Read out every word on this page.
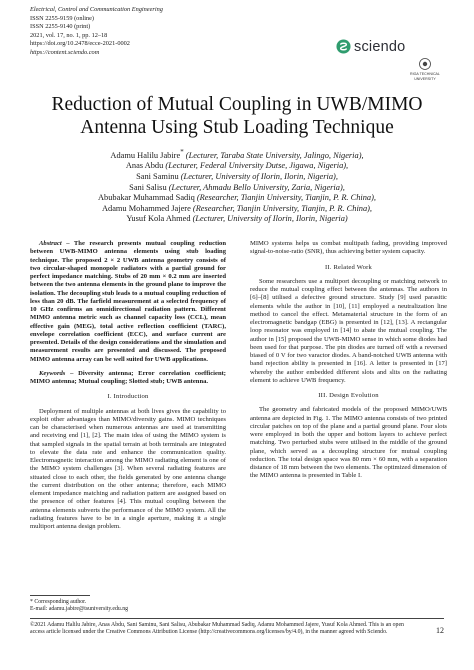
Electrical, Control and Communication Engineering
ISSN 2255-9159 (online)
ISSN 2255-9140 (print)
2021, vol. 17, no. 1, pp. 12–18
https://doi.org/10.2478/ecce-2021-0002
https://content.sciendo.com	sciendo
RIGA TECHNICAL
UNIVERSITY
Reduction of Mutual Coupling in UWB/MIMO
Antenna Using Stub Loading Technique
Adamu Halilu Jabire* (Lecturer, Taraba State University, Jalingo, Nigeria),
Anas Abdu (Lecturer, Federal University Dutse, Jigawa, Nigeria),
Sani Saminu (Lecturer, University of Ilorin, Ilorin, Nigeria),
Sani Salisu (Lecturer, Ahmadu Bello University, Zaria, Nigeria),
Abubakar Muhammad Sadiq (Researcher, Tianjin University, Tianjin, P. R. China),
Adamu Mohammed Jajere (Researcher, Tianjin University, Tianjin, P. R. China),
Yusuf Kola Ahmed (Lecturer, University of Ilorin, Ilorin, Nigeria)

Abstract – The research presents mutual coupling reduction between UWB-MIMO antenna elements using stub loading technique. The proposed 2 × 2 UWB antenna geometry consists of two circular-shaped monopole radiators with a partial ground for perfect impedance matching. Stubs of 20 mm × 0.2 mm are inserted between the two antenna elements in the ground plane to improve the isolation. The decoupling stub leads to a mutual coupling reduction of less than 20 dB. The farfield measurement at a selected frequency of 10 GHz confirms an omnidirectional radiation pattern. Different MIMO antenna metric such as channel capacity loss (CCL), mean effective gain (MEG), total active reflection coefficient (TARC), envelope correlation coefficient (ECC), and surface current are presented. Details of the design considerations and the simulation and measurement results are presented and discussed. The proposed MIMO antenna array can be well suited for UWB applications.

Keywords – Diversity antenna; Error correlation coefficient; MIMO antenna; Mutual coupling; Slotted stub; UWB antenna.

I. Introduction

Deployment of multiple antennas at both lives gives the capability to exploit other advantages than MIMO/diversity gains. MIMO techniques can be characterised when numerous antennas are used at transmitting and receiving end [1], [2]. The main idea of using the MIMO system is that sampled signals in the spatial terrain at both terminals are integrated to elevate the data rate and enhance the communication quality. Electromagnetic interaction among the MIMO radiating element is one of the MIMO system challenges [3]. When several radiating features are situated close to each other, the fields generated by one antenna change the current distribution on the other antenna; therefore, each MIMO element impedance matching and radiation pattern are assigned based on the presence of other features [4]. This mutual coupling between the antenna elements subverts the performance of the MIMO system. All the radiating features have to be in a single aperture, making it a single multiport antenna design problem.

MIMO systems helps us combat multipath fading, providing improved signal-to-noise-ratio (SNR), thus achieving better system capacity.

II. Related Work

Some researchers use a multiport decoupling or matching network to reduce the mutual coupling effect between the antennas. The authors in [6]–[8] utilised a defective ground structure. Study [9] used parasitic elements while the author in [10], [11] employed a neutralization line method to cancel the effect. Metamaterial structure in the form of an electromagnetic bandgap (EBG) is presented in [12], [13]. A rectangular loop resonator was employed in [14] to abate the mutual coupling. The author in [15] proposed the UWB-MIMO sense in which some diodes had been used for that purpose. The pin diodes are turned off with a reversed biased of 0 V for two varactor diodes. A band-notched UWB antenna with band rejection ability is presented in [16]. A letter is presented in [17] whereby the author embedded different slots and slits on the radiating element to achieve UWB frequency.

III. Design Evolution

The geometry and fabricated models of the proposed MIMO/UWB antenna are depicted in Fig. 1. The MIMO antenna consists of two printed circular patches on top of the plane and a partial ground plane. Four slots were employed in both the upper and bottom layers to achieve perfect matching. Two perturbed stubs were utilised in the middle of the ground plane, which served as a decoupling structure for mutual coupling reduction. The total design space was 80 mm × 60 mm, with a separation distance of 18 mm between the two elements. The optimized dimension of the MIMO antenna is presented in Table I.

* Corresponding author.
E-mail: adamu.jabire@tsuniversity.edu.ng
©2021 Adamu Halilu Jabire, Anas Abdu, Sani Saminu, Sani Salisu, Abubakar Muhammad Sadiq, Adamu Mohammed Jajere, Yusuf Kola Ahmed. This is an open access article licensed under the Creative Commons Attribution License (http://creativecommons.org/licenses/by/4.0), in the manner agreed with Sciendo.	12
